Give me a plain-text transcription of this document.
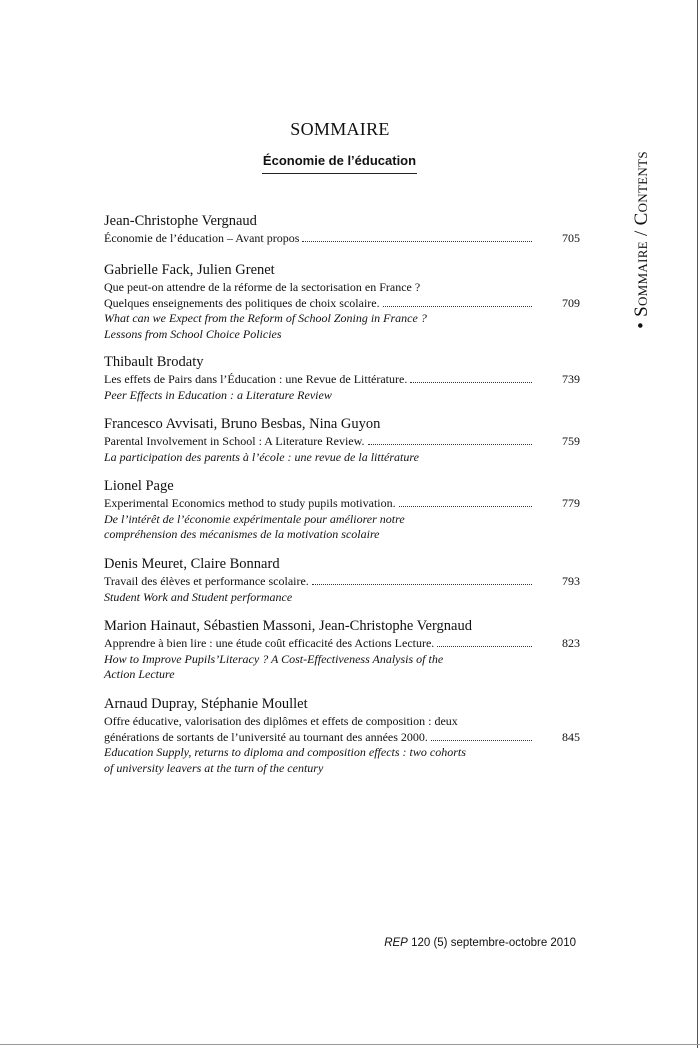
• Sommaire / Contents
SOMMAIRE
Économie de l’éducation
Jean-Christophe Vergnaud
Économie de l’éducation – Avant propos	705
Gabrielle Fack, Julien Grenet
Que peut-on attendre de la réforme de la sectorisation en France ?
Quelques enseignements des politiques de choix scolaire.	709
What can we Expect from the Reform of School Zoning in France ?
Lessons from School Choice Policies
Thibault Brodaty
Les effets de Pairs dans l’Éducation : une Revue de Littérature.	739
Peer Effects in Education : a Literature Review
Francesco Avvisati, Bruno Besbas, Nina Guyon
Parental Involvement in School : A Literature Review.	759
La participation des parents à l’école : une revue de la littérature
Lionel Page
Experimental Economics method to study pupils motivation.	779
De l’intérêt de l’économie expérimentale pour améliorer notre
compréhension des mécanismes de la motivation scolaire
Denis Meuret, Claire Bonnard
Travail des élèves et performance scolaire.	793
Student Work and Student performance
Marion Hainaut, Sébastien Massoni, Jean-Christophe Vergnaud
Apprendre à bien lire : une étude coût efficacité des Actions Lecture.	823
How to Improve Pupils’Literacy ? A Cost-Effectiveness Analysis of the
Action Lecture
Arnaud Dupray, Stéphanie Moullet
Offre éducative, valorisation des diplômes et effets de composition : deux
générations de sortants de l’université au tournant des années 2000.	845
Education Supply, returns to diploma and composition effects : two cohorts
of university leavers at the turn of the century
REP 120 (5) septembre-octobre 2010
